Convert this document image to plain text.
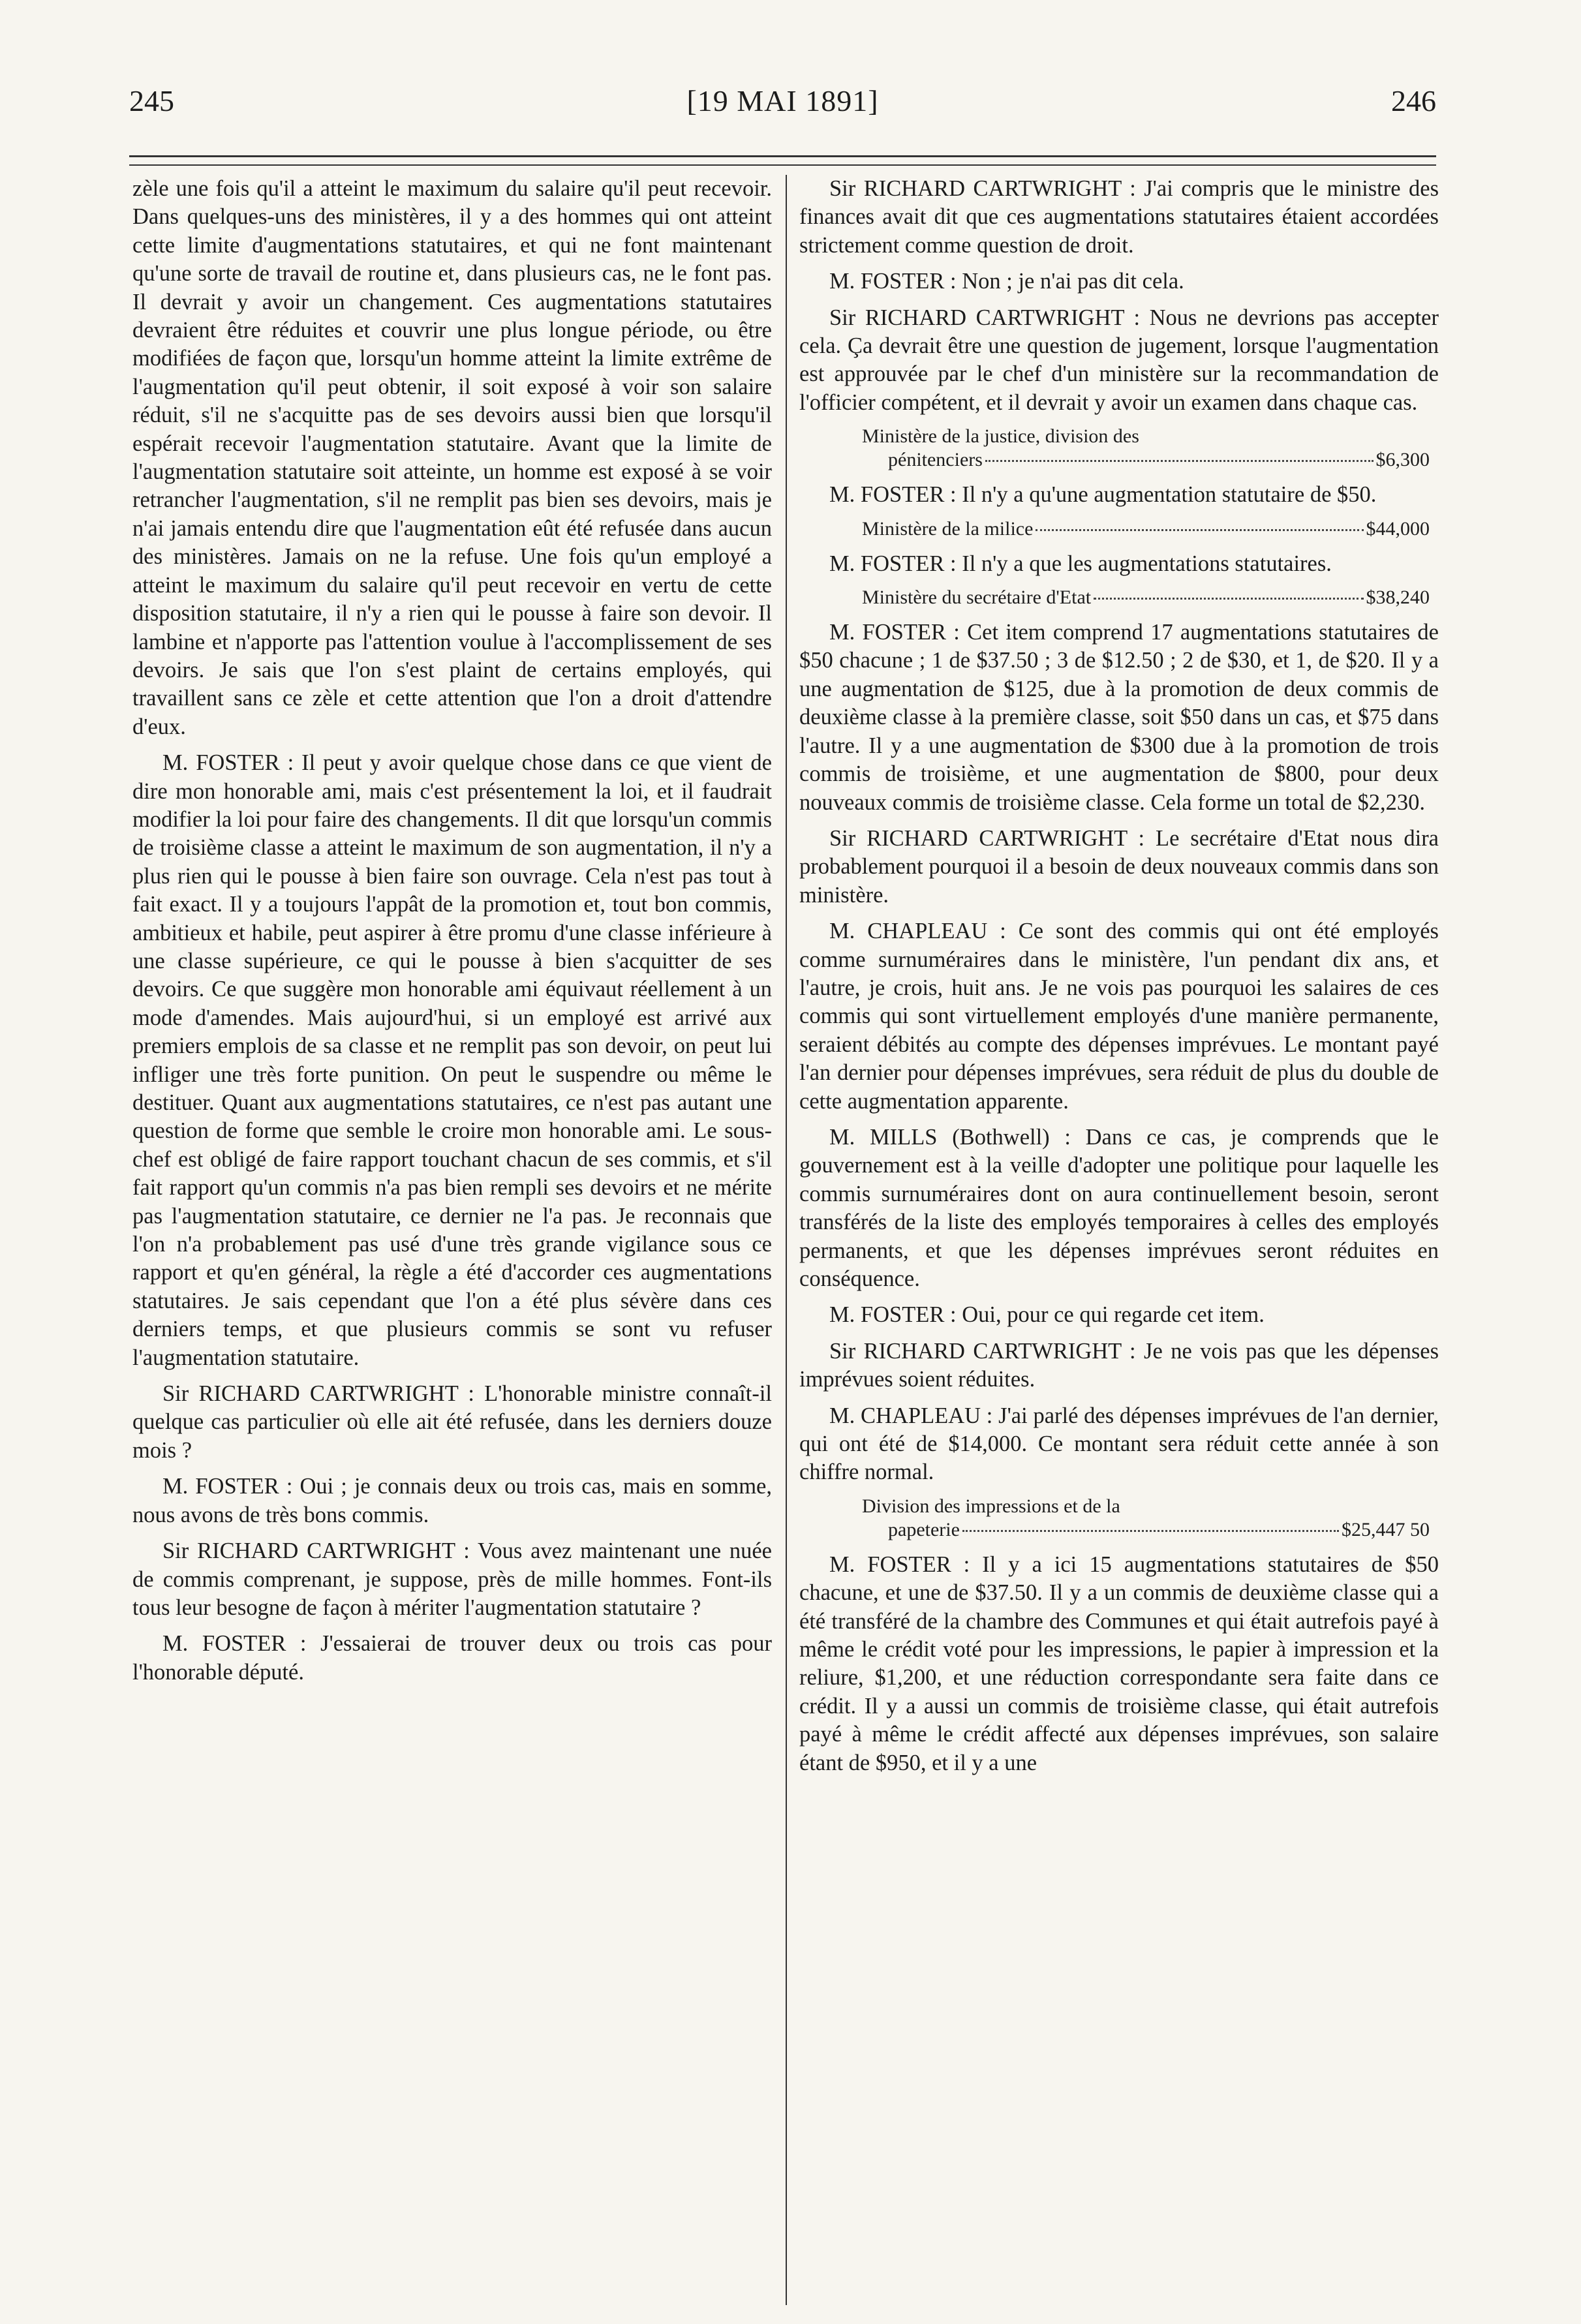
245	[19 MAI 1891]	246

zèle une fois qu'il a atteint le maximum du salaire qu'il peut recevoir. Dans quelques-uns des ministères, il y a des hommes qui ont atteint cette limite d'augmentations statutaires, et qui ne font maintenant qu'une sorte de travail de routine et, dans plusieurs cas, ne le font pas. Il devrait y avoir un changement. Ces augmentations statutaires devraient être réduites et couvrir une plus longue période, ou être modifiées de façon que, lorsqu'un homme atteint la limite extrême de l'augmentation qu'il peut obtenir, il soit exposé à voir son salaire réduit, s'il ne s'acquitte pas de ses devoirs aussi bien que lorsqu'il espérait recevoir l'augmentation statutaire. Avant que la limite de l'augmentation statutaire soit atteinte, un homme est exposé à se voir retrancher l'augmentation, s'il ne remplit pas bien ses devoirs, mais je n'ai jamais entendu dire que l'augmentation eût été refusée dans aucun des ministères. Jamais on ne la refuse. Une fois qu'un employé a atteint le maximum du salaire qu'il peut recevoir en vertu de cette disposition statutaire, il n'y a rien qui le pousse à faire son devoir. Il lambine et n'apporte pas l'attention voulue à l'accomplissement de ses devoirs. Je sais que l'on s'est plaint de certains employés, qui travaillent sans ce zèle et cette attention que l'on a droit d'attendre d'eux.

M. FOSTER : Il peut y avoir quelque chose dans ce que vient de dire mon honorable ami, mais c'est présentement la loi, et il faudrait modifier la loi pour faire des changements. Il dit que lorsqu'un commis de troisième classe a atteint le maximum de son augmentation, il n'y a plus rien qui le pousse à bien faire son ouvrage. Cela n'est pas tout à fait exact. Il y a toujours l'appât de la promotion et, tout bon commis, ambitieux et habile, peut aspirer à être promu d'une classe inférieure à une classe supérieure, ce qui le pousse à bien s'acquitter de ses devoirs. Ce que suggère mon honorable ami équivaut réellement à un mode d'amendes. Mais aujourd'hui, si un employé est arrivé aux premiers emplois de sa classe et ne remplit pas son devoir, on peut lui infliger une très forte punition. On peut le suspendre ou même le destituer. Quant aux augmentations statutaires, ce n'est pas autant une question de forme que semble le croire mon honorable ami. Le sous-chef est obligé de faire rapport touchant chacun de ses commis, et s'il fait rapport qu'un commis n'a pas bien rempli ses devoirs et ne mérite pas l'augmentation statutaire, ce dernier ne l'a pas. Je reconnais que l'on n'a probablement pas usé d'une très grande vigilance sous ce rapport et qu'en général, la règle a été d'accorder ces augmentations statutaires. Je sais cependant que l'on a été plus sévère dans ces derniers temps, et que plusieurs commis se sont vu refuser l'augmentation statutaire.

Sir RICHARD CARTWRIGHT : L'honorable ministre connaît-il quelque cas particulier où elle ait été refusée, dans les derniers douze mois ?

M. FOSTER : Oui ; je connais deux ou trois cas, mais en somme, nous avons de très bons commis.

Sir RICHARD CARTWRIGHT : Vous avez maintenant une nuée de commis comprenant, je suppose, près de mille hommes. Font-ils tous leur besogne de façon à mériter l'augmentation statutaire ?

M. FOSTER : J'essaierai de trouver deux ou trois cas pour l'honorable député.

Sir RICHARD CARTWRIGHT : J'ai compris que le ministre des finances avait dit que ces augmentations statutaires étaient accordées strictement comme question de droit.

M. FOSTER : Non ; je n'ai pas dit cela.

Sir RICHARD CARTWRIGHT : Nous ne devrions pas accepter cela. Ça devrait être une question de jugement, lorsque l'augmentation est approuvée par le chef d'un ministère sur la recommandation de l'officier compétent, et il devrait y avoir un examen dans chaque cas.

Ministère de la justice, division des
pénitenciers	$6,300

M. FOSTER : Il n'y a qu'une augmentation statutaire de $50.

Ministère de la milice	$44,000

M. FOSTER : Il n'y a que les augmentations statutaires.

Ministère du secrétaire d'Etat	$38,240

M. FOSTER : Cet item comprend 17 augmentations statutaires de $50 chacune ; 1 de $37.50 ; 3 de $12.50 ; 2 de $30, et 1, de $20. Il y a une augmentation de $125, due à la promotion de deux commis de deuxième classe à la première classe, soit $50 dans un cas, et $75 dans l'autre. Il y a une augmentation de $300 due à la promotion de trois commis de troisième, et une augmentation de $800, pour deux nouveaux commis de troisième classe. Cela forme un total de $2,230.

Sir RICHARD CARTWRIGHT : Le secrétaire d'Etat nous dira probablement pourquoi il a besoin de deux nouveaux commis dans son ministère.

M. CHAPLEAU : Ce sont des commis qui ont été employés comme surnuméraires dans le ministère, l'un pendant dix ans, et l'autre, je crois, huit ans. Je ne vois pas pourquoi les salaires de ces commis qui sont virtuellement employés d'une manière permanente, seraient débités au compte des dépenses imprévues. Le montant payé l'an dernier pour dépenses imprévues, sera réduit de plus du double de cette augmentation apparente.

M. MILLS (Bothwell) : Dans ce cas, je comprends que le gouvernement est à la veille d'adopter une politique pour laquelle les commis surnuméraires dont on aura continuellement besoin, seront transférés de la liste des employés temporaires à celles des employés permanents, et que les dépenses imprévues seront réduites en conséquence.

M. FOSTER : Oui, pour ce qui regarde cet item.

Sir RICHARD CARTWRIGHT : Je ne vois pas que les dépenses imprévues soient réduites.

M. CHAPLEAU : J'ai parlé des dépenses imprévues de l'an dernier, qui ont été de $14,000. Ce montant sera réduit cette année à son chiffre normal.

Division des impressions et de la
papeterie	$25,447 50

M. FOSTER : Il y a ici 15 augmentations statutaires de $50 chacune, et une de $37.50. Il y a un commis de deuxième classe qui a été transféré de la chambre des Communes et qui était autrefois payé à même le crédit voté pour les impressions, le papier à impression et la reliure, $1,200, et une réduction correspondante sera faite dans ce crédit. Il y a aussi un commis de troisième classe, qui était autrefois payé à même le crédit affecté aux dépenses imprévues, son salaire étant de $950, et il y a une
